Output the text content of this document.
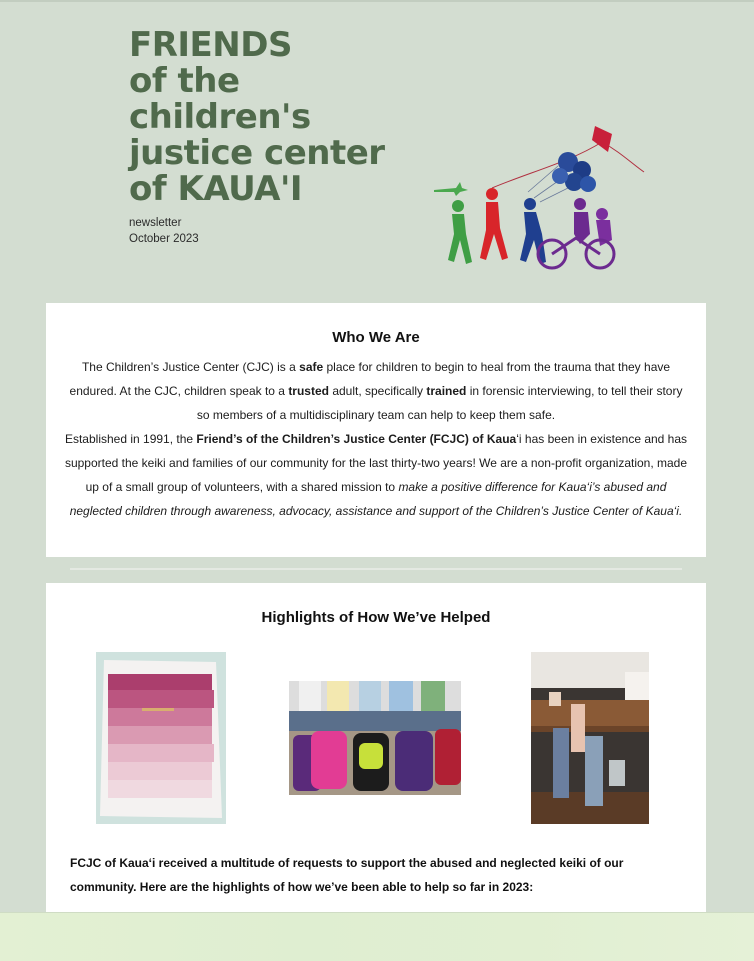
FRIENDS
of the
children's
justice center
of KAUA'I
newsletter
October 2023
Who We Are
The Children’s Justice Center (CJC) is a safe place for children to begin to heal from the trauma that they have endured. At the CJC, children speak to a trusted adult, specifically trained in forensic interviewing, to tell their story so members of a multidisciplinary team can help to keep them safe.
Established in 1991, the Friend’s of the Children’s Justice Center (FCJC) of Kauaʻi has been in existence and has supported the keiki and families of our community for the last thirty-two years! We are a non-profit organization, made up of a small group of volunteers, with a shared mission to make a positive difference for Kaua‘i’s abused and neglected children through awareness, advocacy, assistance and support of the Children’s Justice Center of Kaua‘i.
Highlights of How We’ve Helped
FCJC of Kaua‘i received a multitude of requests to support the abused and neglected keiki of our community. Here are the highlights of how we’ve been able to help so far in 2023:
